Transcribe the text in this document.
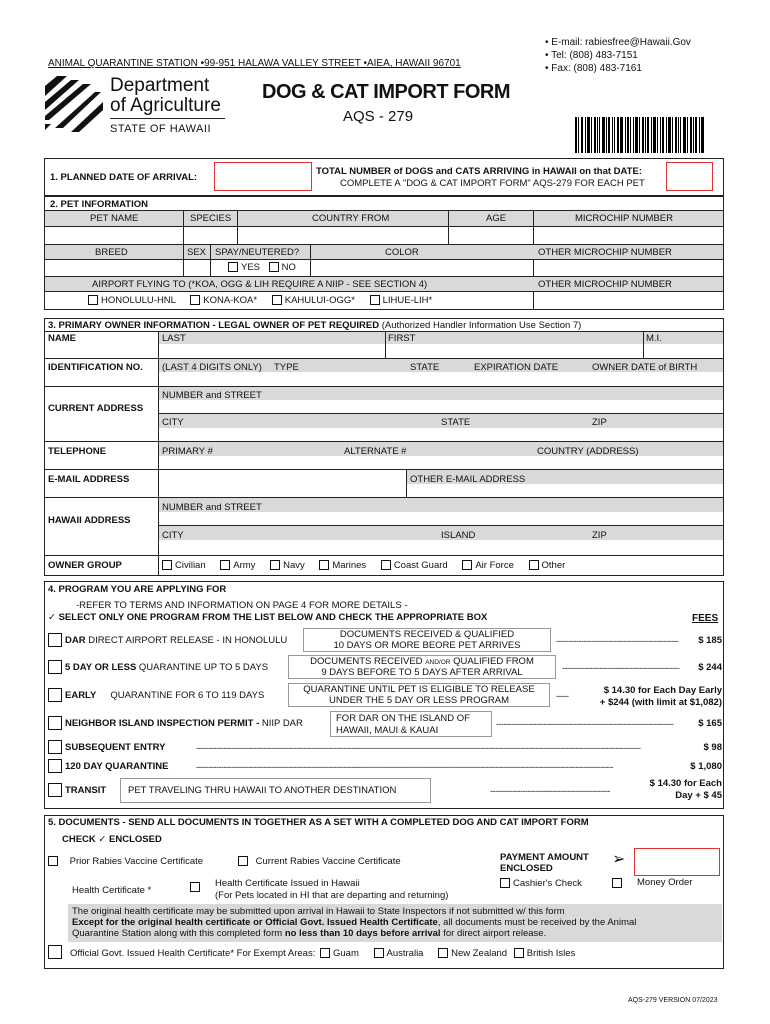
ANIMAL QUARANTINE STATION •99-951 HALAWA VALLEY STREET •AIEA, HAWAII 96701
• E-mail: rabiesfree@Hawaii.Gov
• Tel: (808) 483-7151
• Fax: (808) 483-7161
Department
of Agriculture
STATE OF HAWAII
DOG & CAT IMPORT FORM
AQS - 279
1. PLANNED DATE OF ARRIVAL:
TOTAL NUMBER of DOGS and CATS ARRIVING in HAWAII on that DATE:
COMPLETE A "DOG & CAT IMPORT FORM" AQS-279 FOR EACH PET
2. PET INFORMATION
PET NAME	SPECIES	COUNTRY FROM	AGE	MICROCHIP NUMBER
BREED	SEX SPAY/NEUTERED?	COLOR	OTHER MICROCHIP NUMBER
YES NO
AIRPORT FLYING TO (*KOA, OGG & LIH REQUIRE A NIIP - SEE SECTION 4)	OTHER MICROCHIP NUMBER
HONOLULU-HNL	KONA-KOA*	KAHULUI-OGG*	LIHUE-LIH*
3. PRIMARY OWNER INFORMATION - LEGAL OWNER OF PET REQUIRED (Authorized Handler Information Use Section 7)
NAME	LAST	FIRST	M.I.
IDENTIFICATION NO. (LAST 4 DIGITS ONLY) TYPE	STATE	EXPIRATION DATE	OWNER DATE of BIRTH
NUMBER and STREET
CURRENT ADDRESS
CITY	STATE	ZIP
TELEPHONE	PRIMARY #	ALTERNATE #	COUNTRY (ADDRESS)
E-MAIL ADDRESS	OTHER E-MAIL ADDRESS
NUMBER and STREET
HAWAII ADDRESS
CITY	ISLAND	ZIP
OWNER GROUP	Civilian	Army	Navy	Marines	Coast Guard	Air Force	Other
4. PROGRAM YOU ARE APPLYING FOR
-REFER TO TERMS AND INFORMATION ON PAGE 4 FOR MORE DETAILS -
✓ SELECT ONLY ONE PROGRAM FROM THE LIST BELOW AND CHECK THE APPROPRIATE BOX	FEES
DAR DIRECT AIRPORT RELEASE - IN HONOLULU
DOCUMENTS RECEIVED & QUALIFIED
10 DAYS OR MORE BEORE PET ARRIVES	-------------------------------------------------	$ 185
5 DAY OR LESS QUARANTINE UP TO 5 DAYS
DOCUMENTS RECEIVED AND/OR QUALIFIED FROM
9 DAYS BEFORE TO 5 DAYS AFTER ARRIVAL	-----------------------------------------------	$ 244
EARLY QUARANTINE FOR 6 TO 119 DAYS
QUARANTINE UNTIL PET IS ELIGIBLE TO RELEASE
UNDER THE 5 DAY OR LESS PROGRAM	-----	$ 14.30 for Each Day Early
+ $244 (with limit at $1,082)
NEIGHBOR ISLAND INSPECTION PERMIT - NIIP DAR	FOR DAR ON THE ISLAND OF
HAWAII, MAUI & KAUAI
-----------------------------------------------------------------------	$ 165
SUBSEQUENT ENTRY	----------------------------------------------------------------------------------------------------------------------------------------------------------------------------------	$ 98
120 DAY QUARANTINE	-----------------------------------------------------------------------------------------------------------------------------------------------------------------------	$ 1,080
TRANSIT PET TRAVELING THRU HAWAII TO ANOTHER DESTINATION	------------------------------------------------
$ 14.30 for Each
Day + $ 45
5. DOCUMENTS - SEND ALL DOCUMENTS IN TOGETHER AS A SET WITH A COMPLETED DOG AND CAT IMPORT FORM
CHECK ✓ ENCLOSED
Prior Rabies Vaccine Certificate	Current Rabies Vaccine Certificate	PAYMENT AMOUNT
ENCLOSED
➢
Health Certificate *
Health Certificate Issued in Hawaii
(For Pets located in HI that are departing and returning)
Cashier's Check	Money Order
The original health certificate may be submitted upon arrival in Hawaii to State Inspectors if not submitted w/ this form
Except for the original health certificate or Official Govt. Issued Health Certificate, all documents must be received by the Animal
Quarantine Station along with this completed form no less than 10 days before arrival for direct airport release.
Official Govt. Issued Health Certificate* For Exempt Areas: Guam	Australia	New Zealand British Isles
AQS-279 VERSION 07/2023
